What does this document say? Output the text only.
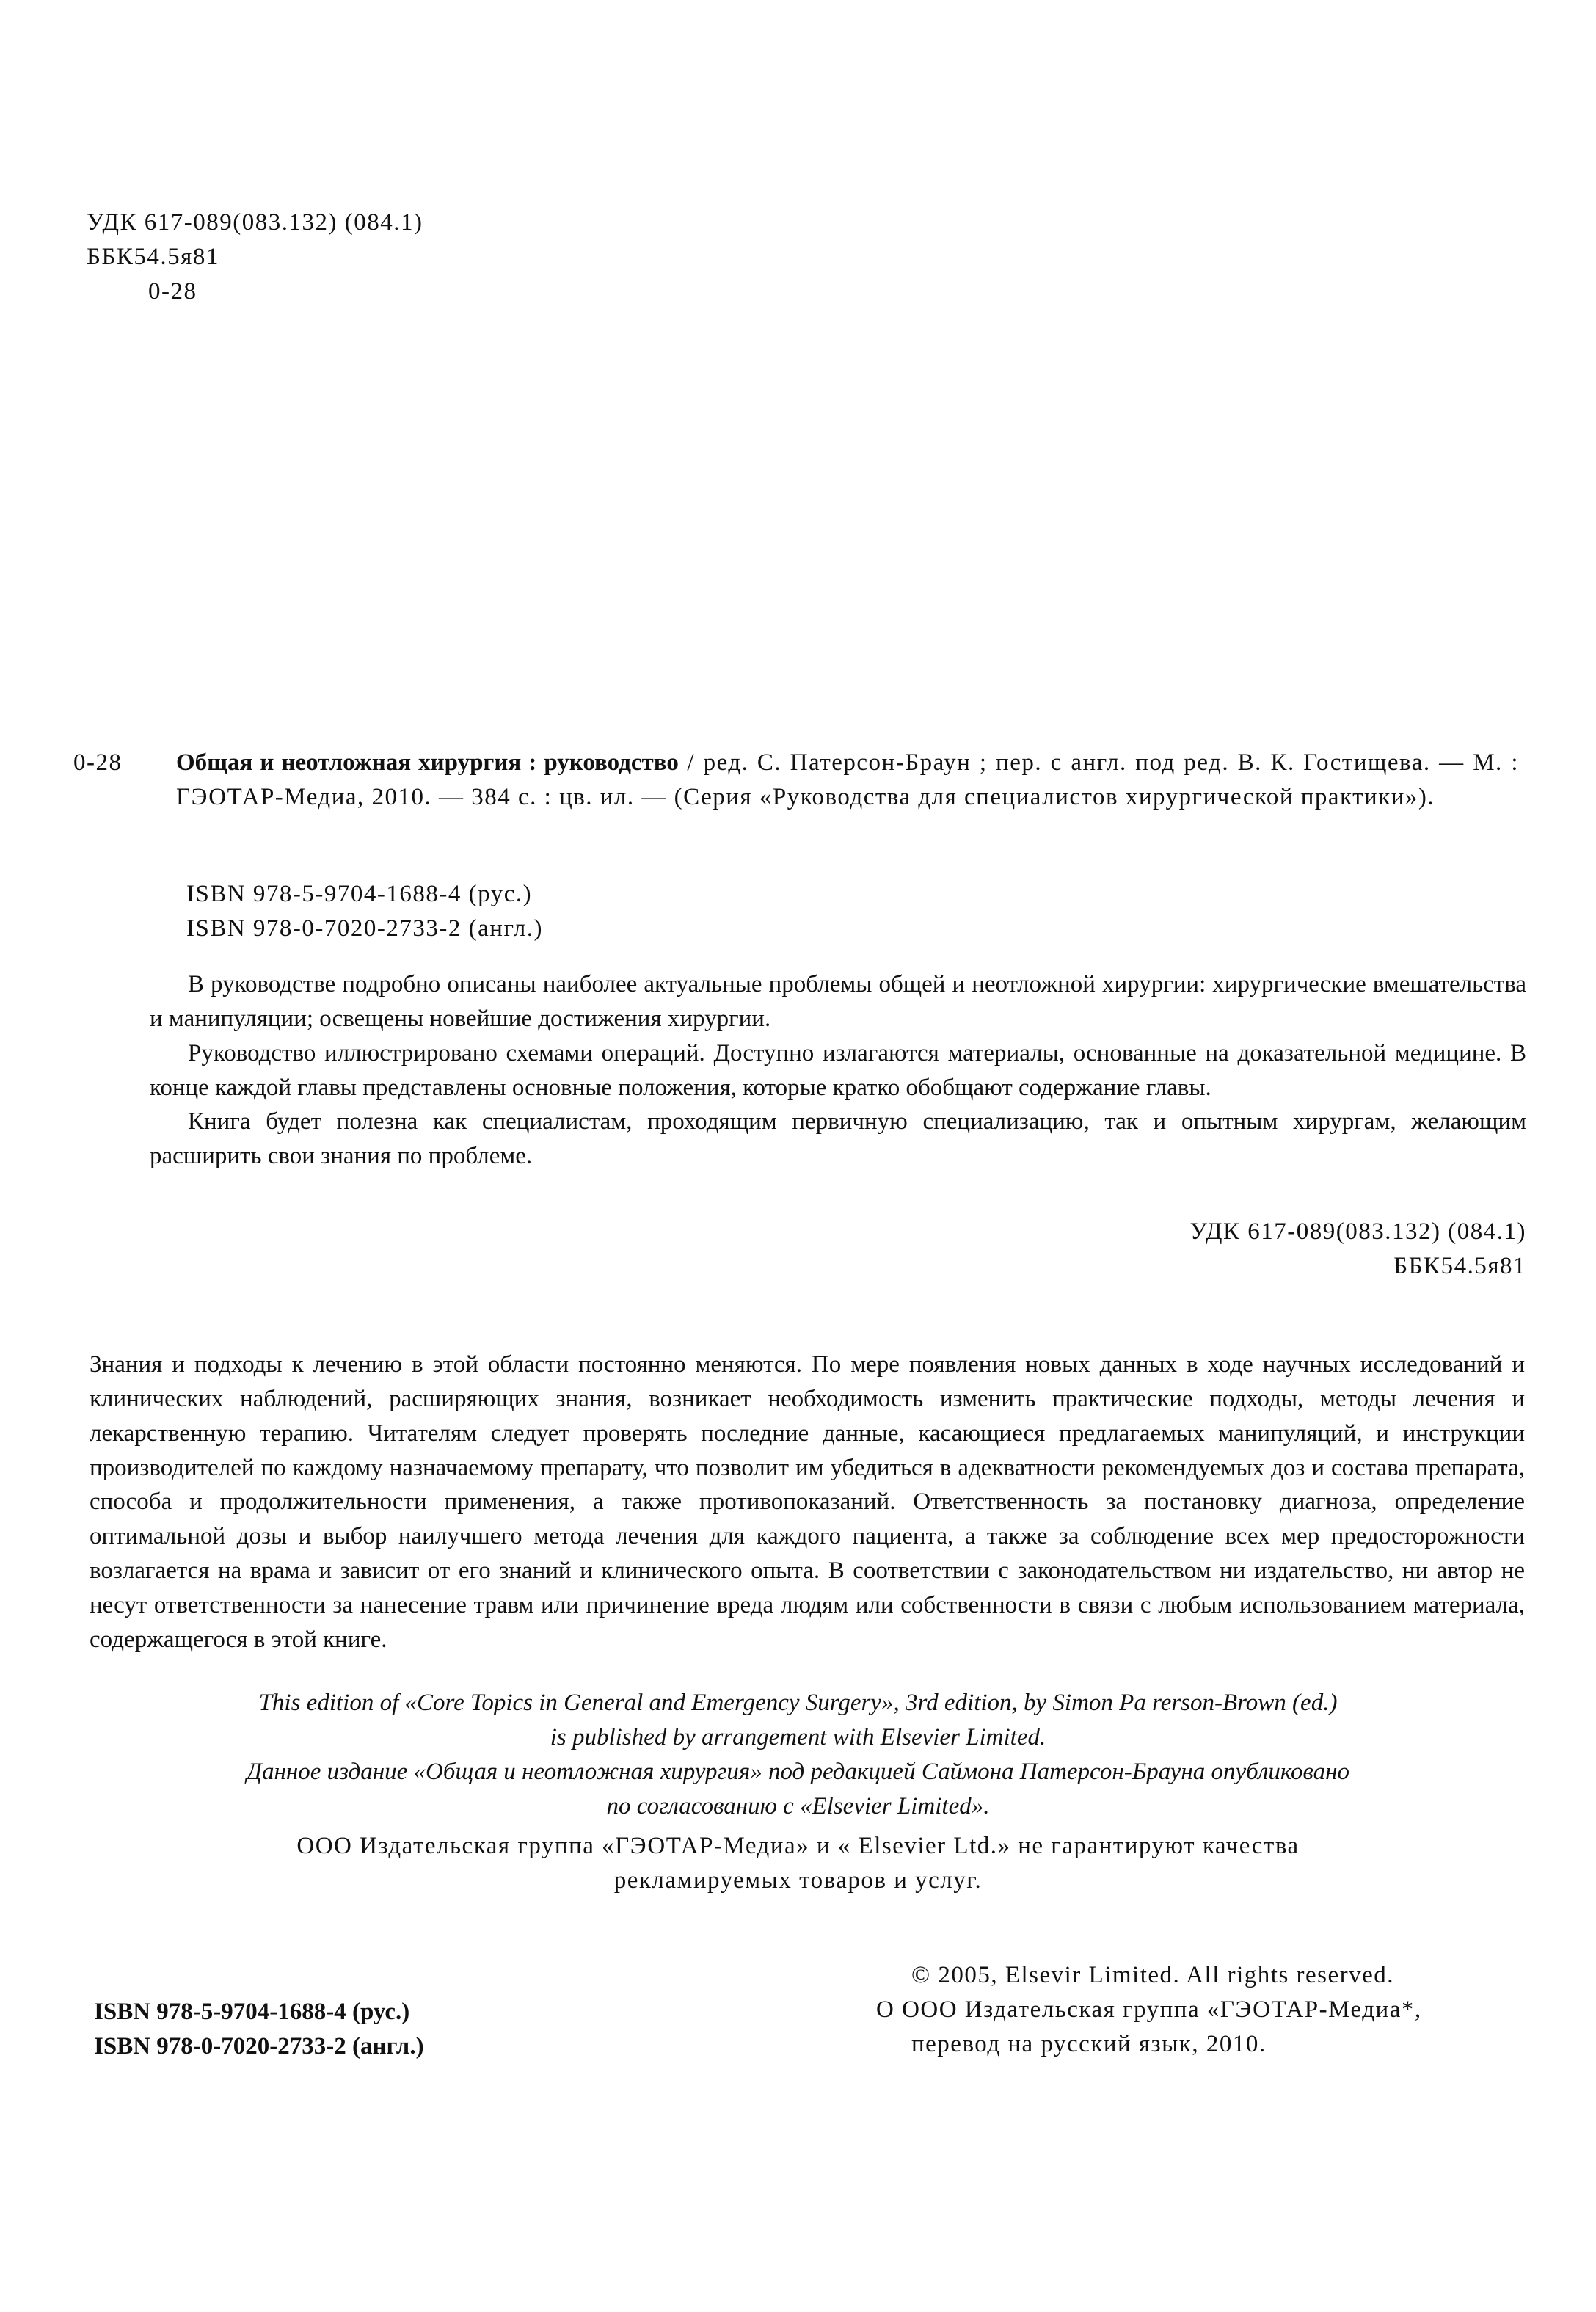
УДК 617-089(083.132) (084.1)
ББК54.5я81
0-28
0-28 Общая и неотложная хирургия : руководство / ред. С. Патерсон-Браун ; пер. с англ. под ред. В. К. Гостищева. — М. : ГЭОТАР-Медиа, 2010. — 384 с. : цв. ил. — (Серия «Руководства для специалистов хирургической практики»).
ISBN 978-5-9704-1688-4 (рус.)
ISBN 978-0-7020-2733-2 (англ.)

В руководстве подробно описаны наиболее актуальные проблемы общей и неотложной хирургии: хирургические вмешательства и манипуляции; освещены новейшие достижения хирургии.

Руководство иллюстрировано схемами операций. Доступно излагаются материалы, основанные на доказательной медицине. В конце каждой главы представлены основные положения, которые кратко обобщают содержание главы.

Книга будет полезна как специалистам, проходящим первичную специализацию, так и опытным хирургам, желающим расширить свои знания по проблеме.

УДК 617-089(083.132) (084.1)
ББК54.5я81

Знания и подходы к лечению в этой области постоянно меняются. По мере появления новых данных в ходе научных исследований и клинических наблюдений, расширяющих знания, возникает необходимость изменить практические подходы, методы лечения и лекарственную терапию. Читателям следует проверять последние данные, касающиеся предлагаемых манипуляций, и инструкции производителей по каждому назначаемому препарату, что позволит им убедиться в адекватности рекомендуемых доз и состава препарата, способа и продолжительности применения, а также противопоказаний. Ответственность за постановку диагноза, определение оптимальной дозы и выбор наилучшего метода лечения для каждого пациента, а также за соблюдение всех мер предосторожности возлагается на врама и зависит от его знаний и клинического опыта. В соответствии с законодательством ни издательство, ни автор не несут ответственности за нанесение травм или причинение вреда людям или собственности в связи с любым использованием материала, содержащегося в этой книге.

This edition of «Core Topics in General and Emergency Surgery», 3rd edition, by Simon Pa rerson-Brown (ed.)
is published by arrangement with Elsevier Limited.
Данное издание «Общая и неотложная хирургия» под редакцией Саймона Патерсон-Брауна опубликовано
по согласованию с «Elsevier Limited».
ООО Издательская группа «ГЭОТАР-Медиа» и « Elsevier Ltd.» не гарантируют качества
рекламируемых товаров и услуг.
ISBN 978-5-9704-1688-4 (рус.)
ISBN 978-0-7020-2733-2 (англ.)
© 2005, Elsevir Limited. All rights reserved.
О ООО Издательская группа «ГЭОТАР-Медиа*,
перевод на русский язык, 2010.
